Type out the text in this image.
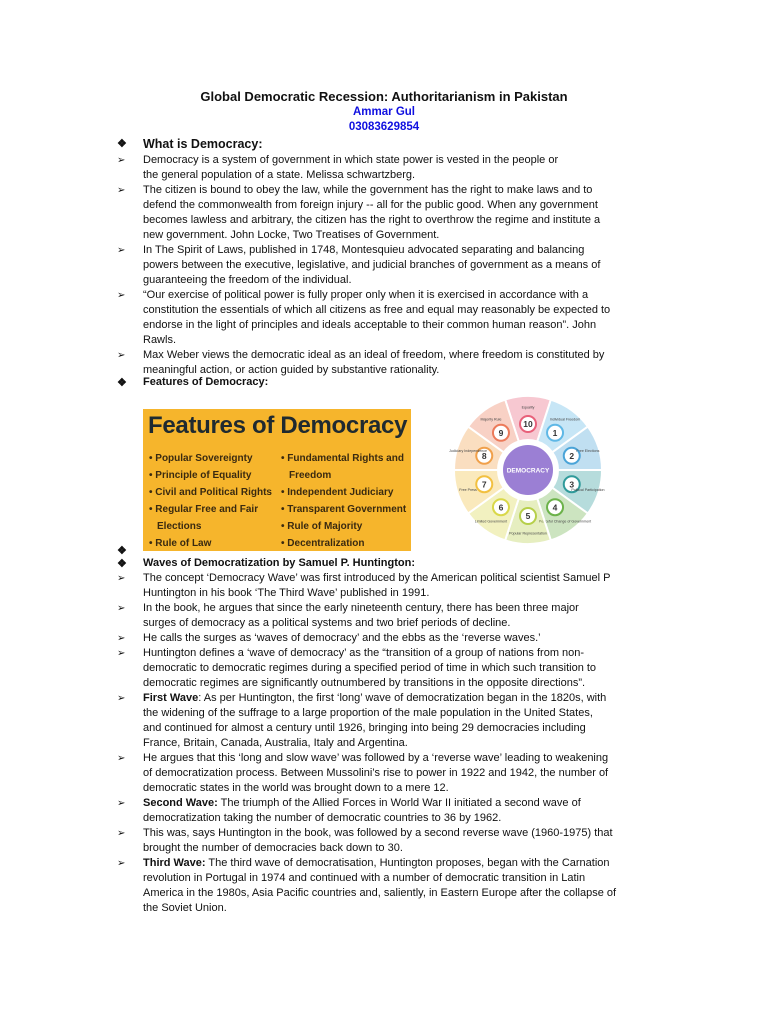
Global Democratic Recession: Authoritarianism in Pakistan
Ammar Gul
03083629854
❖ What is Democracy:
➢ Democracy is a system of government in which state power is vested in the people or
the general population of a state. Melissa schwartzberg.
➢ The citizen is bound to obey the law, while the government has the right to make laws and to
defend the commonwealth from foreign injury -- all for the public good. When any government
becomes lawless and arbitrary, the citizen has the right to overthrow the regime and institute a
new government. John Locke, Two Treatises of Government.
➢ In The Spirit of Laws, published in 1748, Montesquieu advocated separating and balancing
powers between the executive, legislative, and judicial branches of government as a means of
guaranteeing the freedom of the individual.
➢ “Our exercise of political power is fully proper only when it is exercised in accordance with a
constitution the essentials of which all citizens as free and equal may reasonably be expected to
endorse in the light of principles and ideals acceptable to their common human reason”. John
Rawls.
➢ Max Weber views the democratic ideal as an ideal of freedom, where freedom is constituted by
meaningful action, or action guided by substantive rationality.
❖ Features of Democracy:
Features of Democracy
• Popular Sovereignty
• Principle of Equality
• Civil and Political Rights
• Regular Free and Fair
Elections
• Rule of Law
• Fundamental Rights and
Freedom
• Independent Judiciary
• Transparent Government
• Rule of Majority
• Decentralization
10
Equality
1
Individual Freedom
2 Free Elections
3
Political Participation
4
Peaceful Change of Government
5
Popular Representation
6
Limited Government
7
Free Press
8
Judiciary Independence
9
Majority Rule
DEMOCRACY
❖
❖ Waves of Democratization by Samuel P. Huntington:
➢ The concept ‘Democracy Wave’ was first introduced by the American political scientist Samuel P
Huntington in his book ‘The Third Wave’ published in 1991.
➢ In the book, he argues that since the early nineteenth century, there has been three major
surges of democracy as a political systems and two brief periods of decline.
➢ He calls the surges as ‘waves of democracy’ and the ebbs as the ‘reverse waves.’
➢ Huntington defines a ‘wave of democracy’ as the “transition of a group of nations from non-
democratic to democratic regimes during a specified period of time in which such transition to
democratic regimes are significantly outnumbered by transitions in the opposite directions”.
➢ First Wave: As per Huntington, the first ‘long’ wave of democratization began in the 1820s, with
the widening of the suffrage to a large proportion of the male population in the United States,
and continued for almost a century until 1926, bringing into being 29 democracies including
France, Britain, Canada, Australia, Italy and Argentina.
➢ He argues that this ‘long and slow wave’ was followed by a ‘reverse wave’ leading to weakening
of democratization process. Between Mussolini’s rise to power in 1922 and 1942, the number of
democratic states in the world was brought down to a mere 12.
➢ Second Wave: The triumph of the Allied Forces in World War II initiated a second wave of
democratization taking the number of democratic countries to 36 by 1962.
➢ This was, says Huntington in the book, was followed by a second reverse wave (1960-1975) that
brought the number of democracies back down to 30.
➢ Third Wave: The third wave of democratisation, Huntington proposes, began with the Carnation
revolution in Portugal in 1974 and continued with a number of democratic transition in Latin
America in the 1980s, Asia Pacific countries and, saliently, in Eastern Europe after the collapse of
the Soviet Union.
